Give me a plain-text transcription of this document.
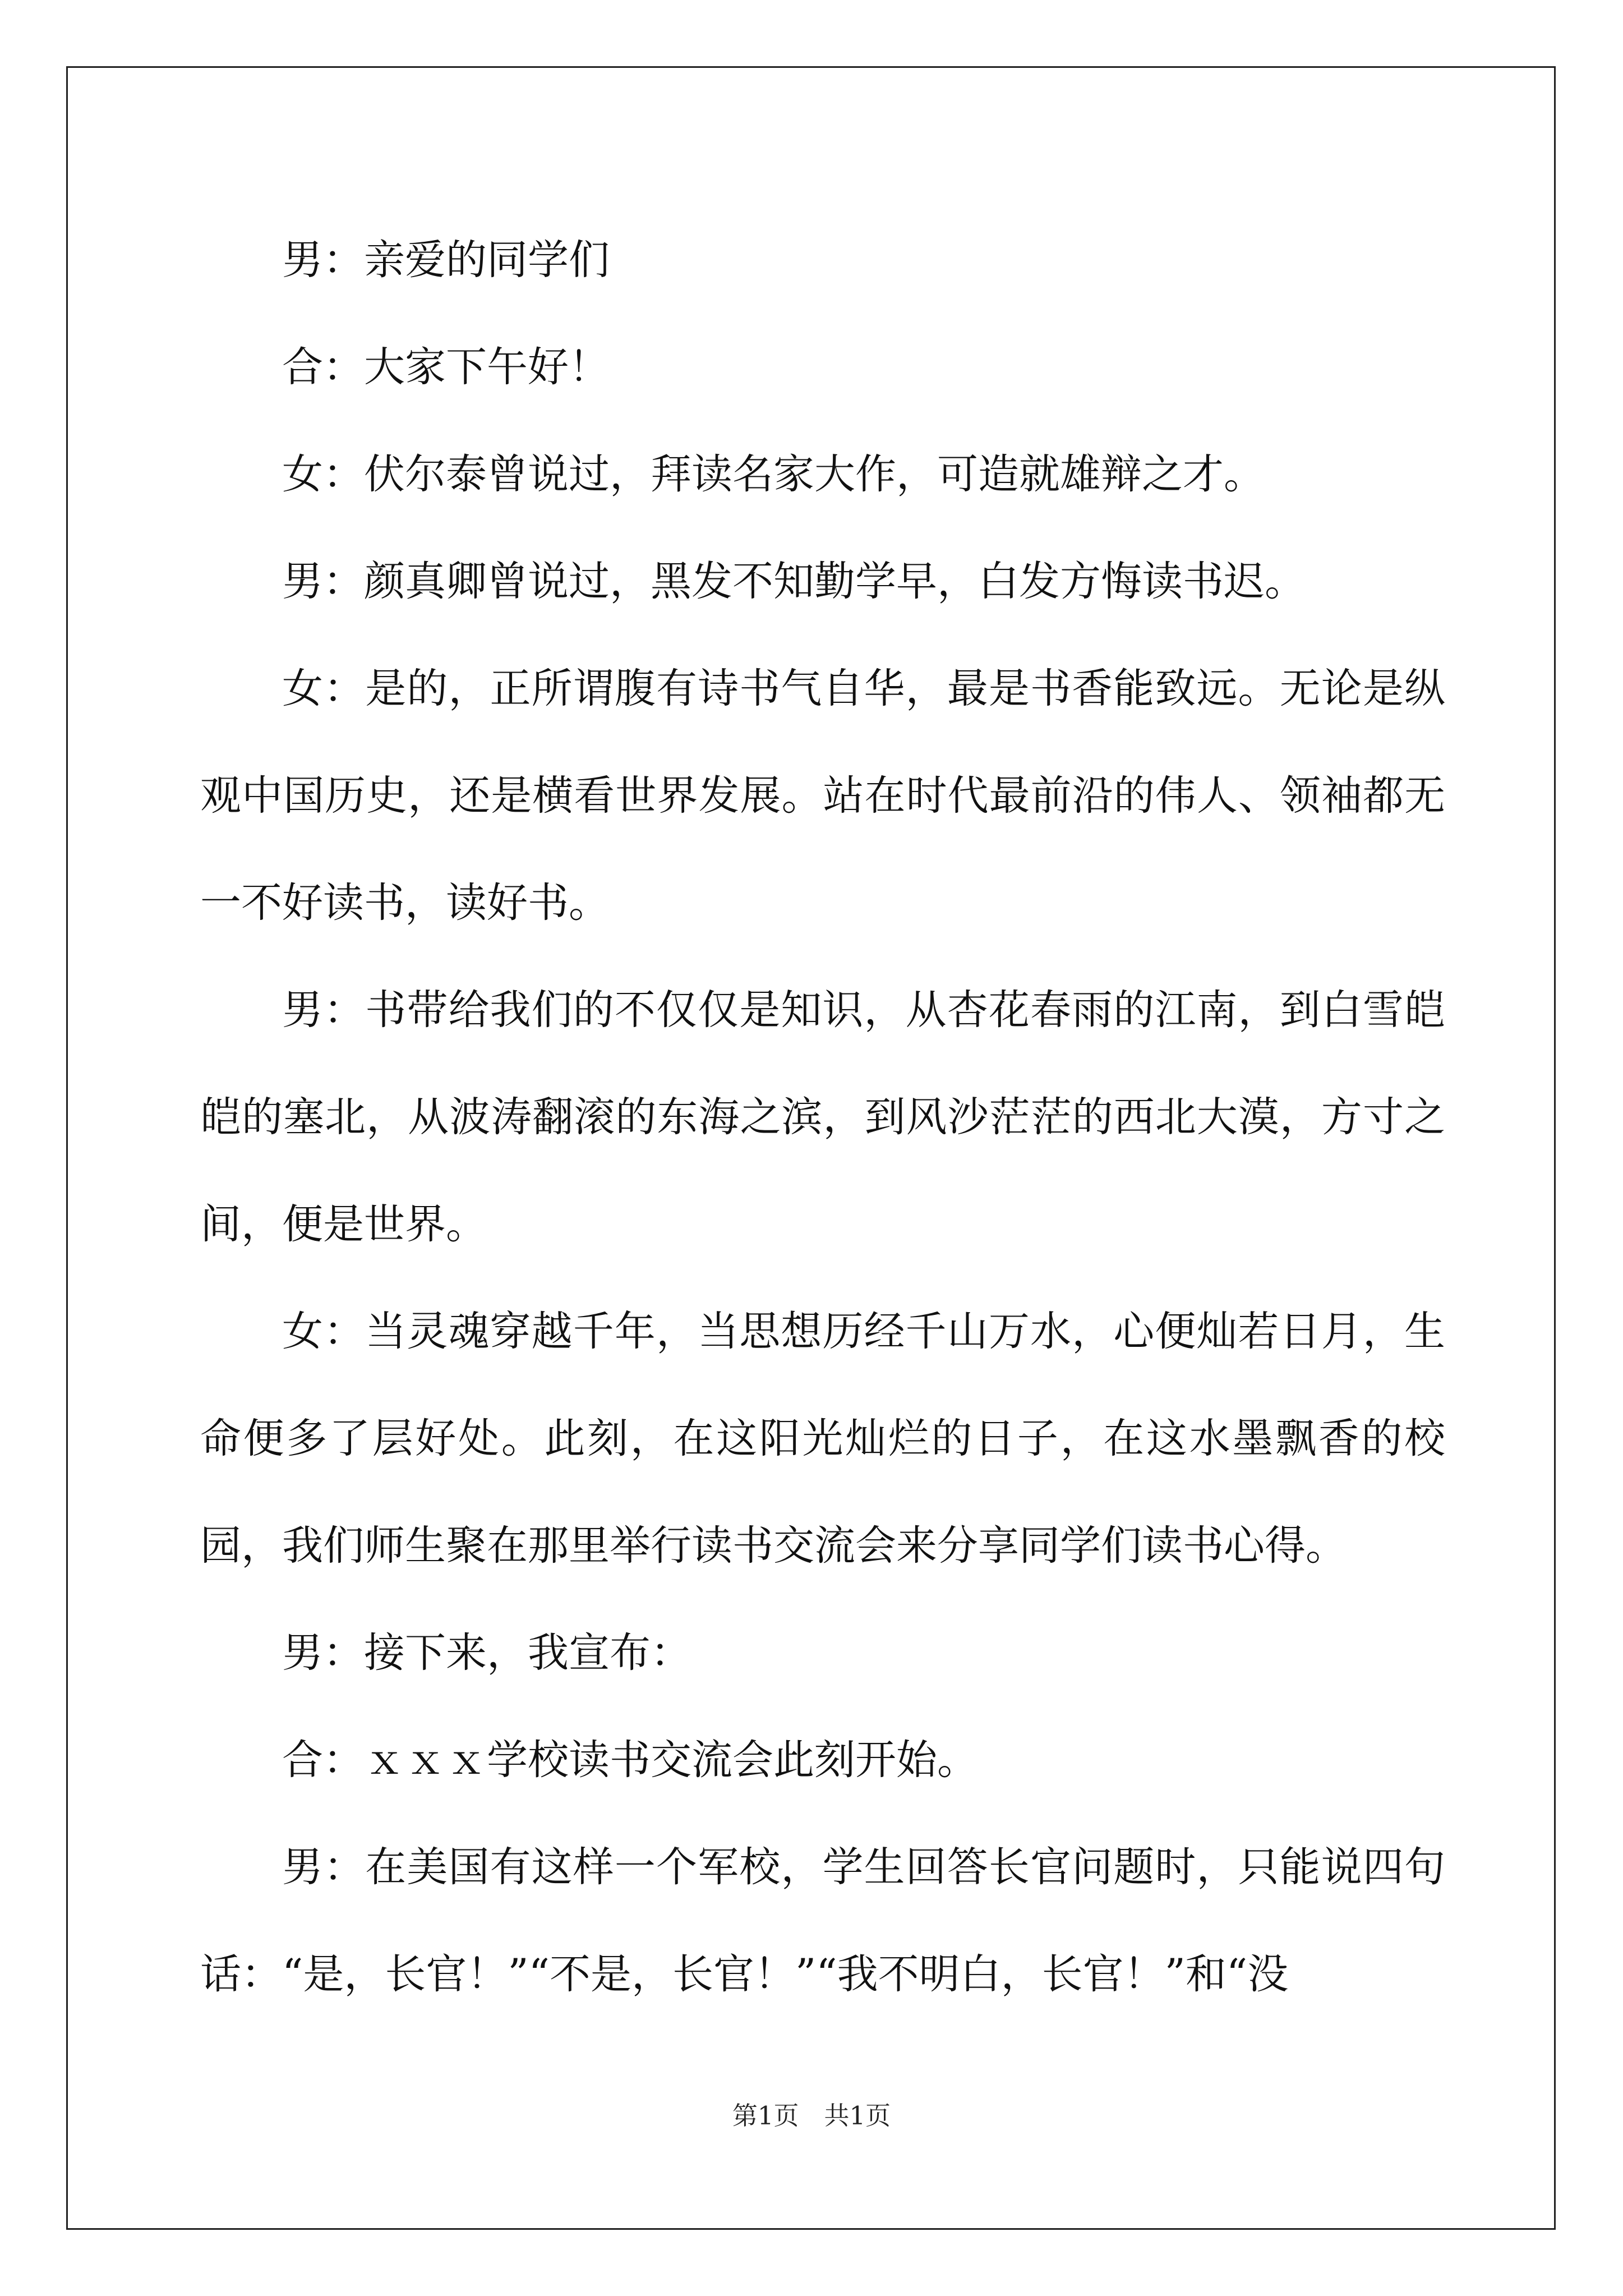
男：亲爱的同学们

合：大家下午好！

女：伏尔泰曾说过，拜读名家大作，可造就雄辩之才。

男：颜真卿曾说过，黑发不知勤学早，白发方悔读书迟。

女：是的，正所谓腹有诗书气自华，最是书香能致远。无论是纵观中国历史，还是横看世界发展。站在时代最前沿的伟人、领袖都无一不好读书，读好书。

男：书带给我们的不仅仅是知识，从杏花春雨的江南，到白雪皑皑的塞北，从波涛翻滚的东海之滨，到风沙茫茫的西北大漠，方寸之间，便是世界。

女：当灵魂穿越千年，当思想历经千山万水，心便灿若日月，生命便多了层好处。此刻，在这阳光灿烂的日子，在这水墨飘香的校园，我们师生聚在那里举行读书交流会来分享同学们读书心得。

男：接下来，我宣布：

合：ｘｘｘ学校读书交流会此刻开始。

男：在美国有这样一个军校，学生回答长官问题时，只能说四句话：“是，长官！”“不是，长官！”“我不明白，长官！”和“没

第1页　共1页
